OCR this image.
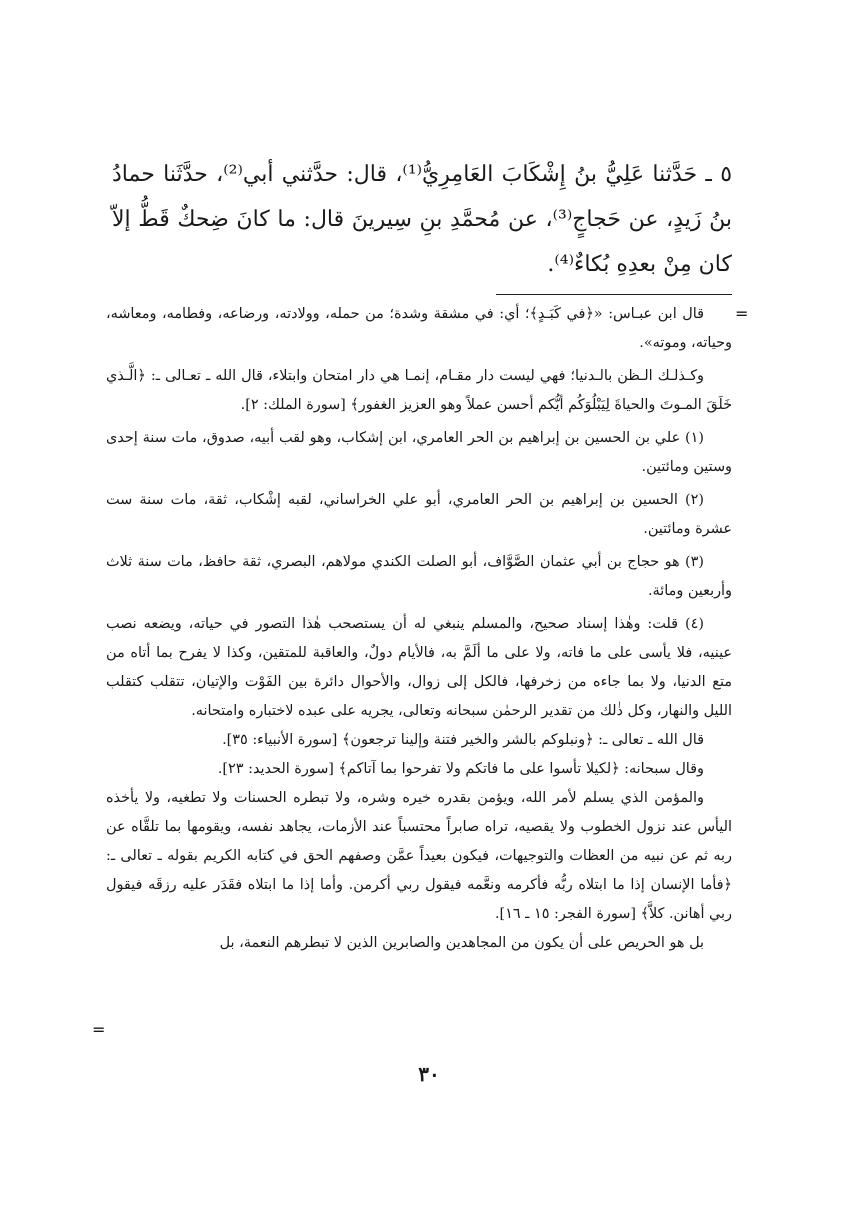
٥ ـ حَدَّثنا عَلِيُّ بنُ إِشْكَابَ العَامِرِيُّ⁽¹⁾، قال: حدَّثني أبي⁽²⁾، حدَّثَنا حمادُ بنُ زَيدٍ، عن حَجاجٍ⁽³⁾، عن مُحمَّدِ بنِ سِيرينَ قال: ما كانَ ضِحكٌ قَطُّ إلاّ كان مِنْ بعدِهِ بُكاءٌ⁽⁴⁾.

=

قال ابن عبـاس: «﴿في كَبَـدٍ﴾؛ أي: في مشقة وشدة؛ من حمله، وولادته، ورضاعه، وفطامه، ومعاشه، وحياته، وموته».

وكـذلـك الـظن بالـدنيا؛ فهي ليست دار مقـام، إنمـا هي دار امتحان وابتلاء، قال الله ـ تعـالى ـ: ﴿الَّـذي خَلَقَ المـوتَ والحياةَ لِيَبْلُوَكُم أيُّكم أحسن عملاً وهو العزيز الغفور﴾ [سورة الملك: ٢].

(١) علي بن الحسين بن إبراهيم بن الحر العامري، ابن إشكاب، وهو لقب أبيه، صدوق، مات سنة إحدى وستين ومائتين.

(٢) الحسين بن إبراهيم بن الحر العامري، أبو علي الخراساني، لقبه إشْكاب، ثقة، مات سنة ست عشرة ومائتين.

(٣) هو حجاج بن أبي عثمان الصَّوَّاف، أبو الصلت الكندي مولاهم، البصري، ثقة حافظ، مات سنة ثلاث وأربعين ومائة.

(٤) قلت: وهٰذا إسناد صحيح، والمسلم ينبغي له أن يستصحب هٰذا التصور في حياته، ويضعه نصب عينيه، فلا يأسى على ما فاته، ولا على ما ألَمَّ به، فالأيام دولٌ، والعاقبة للمتقين، وكذا لا يفرح بما أتاه من متع الدنيا، ولا بما جاءه من زخرفها، فالكل إلى زوال، والأحوال دائرة بين الفَوْت والإتيان، تتقلب كتقلب الليل والنهار، وكل ذٰلك من تقدير الرحمٰن سبحانه وتعالى، يجريه على عبده لاختباره وامتحانه.

قال الله ـ تعالى ـ: ﴿ونبلوكم بالشر والخير فتنة وإلينا ترجعون﴾ [سورة الأنبياء: ٣٥].

وقال سبحانه: ﴿لكيلا تأسوا على ما فاتكم ولا تفرحوا بما آتاكم﴾ [سورة الحديد: ٢٣].

والمؤمن الذي يسلم لأمر الله، ويؤمن بقدره خيره وشره، ولا تبطره الحسنات ولا تطغيه، ولا يأخذه اليأس عند نزول الخطوب ولا يقصيه، تراه صابراً محتسباً عند الأزمات، يجاهد نفسه، ويقومها بما تلقَّاه عن ربه ثم عن نبيه من العظات والتوجيهات، فيكون بعيداً عمَّن وصفهم الحق في كتابه الكريم بقوله ـ تعالى ـ: ﴿فأما الإنسان إذا ما ابتلاه ربُّه فأكرمه ونعَّمه فيقول ربي أكرمن. وأما إذا ما ابتلاه فقَدَر عليه رزقَه فيقول ربي أهانن. كلاَّ﴾ [سورة الفجر: ١٥ ـ ١٦].

بل هو الحريص على أن يكون من المجاهدين والصابرين الذين لا تبطرهم النعمة، بل

=
٣٠
